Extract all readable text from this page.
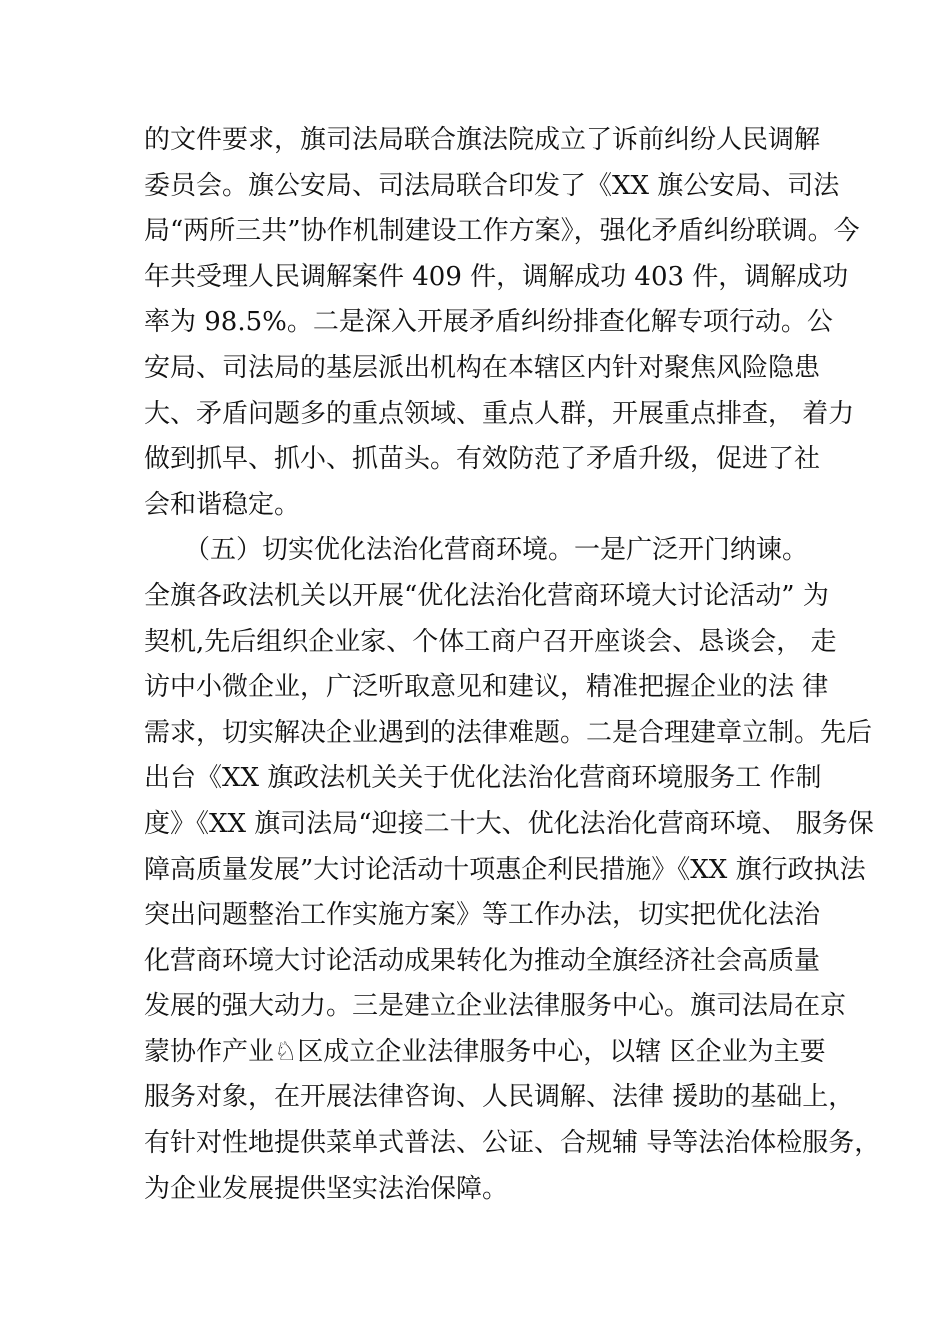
的文件要求，旗司法局联合旗法院成立了诉前纠纷人民调解
委员会。旗公安局、司法局联合印发了《XX 旗公安局、司法
局“两所三共”协作机制建设工作方案》，强化矛盾纠纷联调。今
年共受理人民调解案件 409 件，调解成功 403 件，调解成功
率为 98.5%。二是深入开展矛盾纠纷排查化解专项行动。公
安局、司法局的基层派出机构在本辖区内针对聚焦风险隐患
大、矛盾问题多的重点领域、重点人群，开展重点排查， 着力
做到抓早、抓小、抓苗头。有效防范了矛盾升级，促进了社
会和谐稳定。
（五）切实优化法治化营商环境。一是广泛开门纳谏。
全旗各政法机关以开展“优化法治化营商环境大讨论活动” 为
契机,先后组织企业家、个体工商户召开座谈会、恳谈会， 走
访中小微企业，广泛听取意见和建议，精准把握企业的法 律
需求，切实解决企业遇到的法律难题。二是合理建章立制。先后
出台《XX 旗政法机关关于优化法治化营商环境服务工 作制
度》《XX 旗司法局“迎接二十大、优化法治化营商环境、 服务保
障高质量发展”大讨论活动十项惠企利民措施》《XX 旗行政执法
突出问题整治工作实施方案》等工作办法，切实把优化法治
化营商环境大讨论活动成果转化为推动全旗经济社会高质量
发展的强大动力。三是建立企业法律服务中心。旗司法局在京
蒙协作产业♘区成立企业法律服务中心，以辖 区企业为主要
服务对象，在开展法律咨询、人民调解、法律 援助的基础上，
有针对性地提供菜单式普法、公证、合规辅 导等法治体检服务，
为企业发展提供坚实法治保障。
